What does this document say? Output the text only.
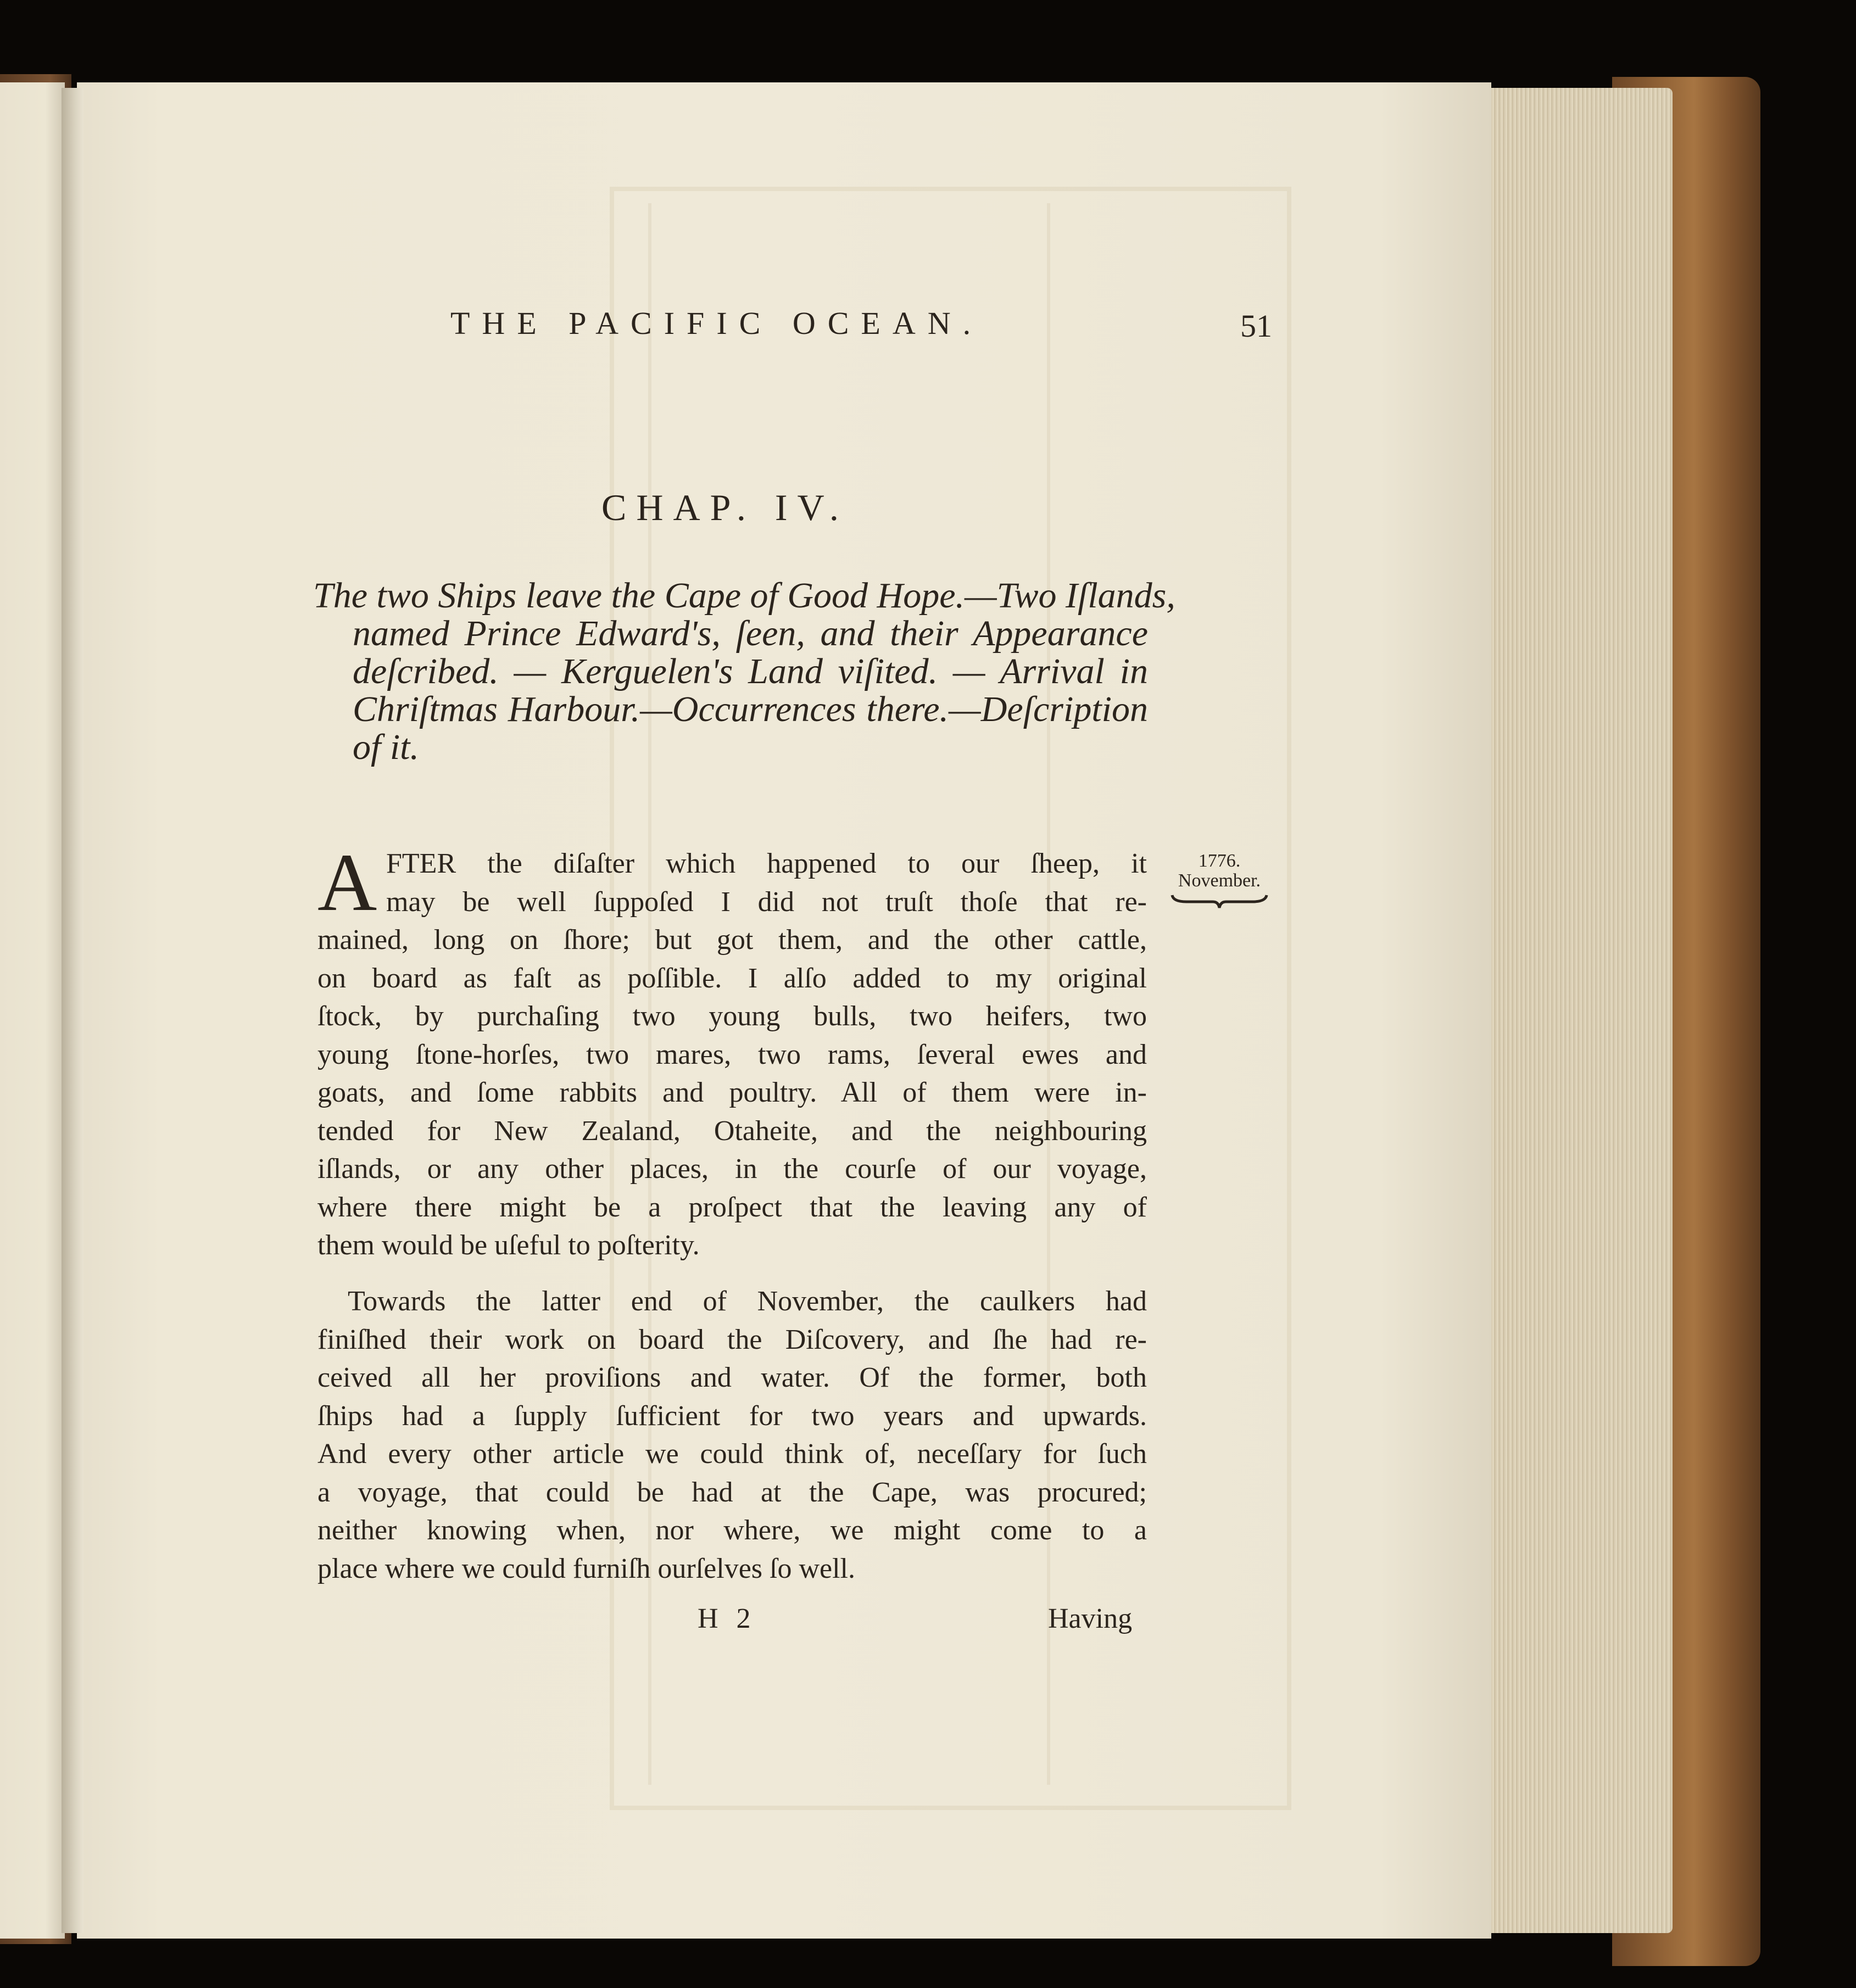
THE PACIFIC OCEAN.	51
CHAP. IV.
The two Ships leave the Cape of Good Hope.—Two Iſlands,
named Prince Edward's, ſeen, and their Appearance
deſcribed. — Kerguelen's Land viſited. — Arrival in
Chriſtmas Harbour.—Occurrences there.—Deſcription
of it.
1776.
November.
A FTER the diſaſter which happened to our ſheep, it
may be well ſuppoſed I did not truſt thoſe that re-
mained, long on ſhore; but got them, and the other cattle,
on board as faſt as poſſible. I alſo added to my original
ſtock, by purchaſing two young bulls, two heifers, two
young ſtone-horſes, two mares, two rams, ſeveral ewes and
goats, and ſome rabbits and poultry. All of them were in-
tended for New Zealand, Otaheite, and the neighbouring
iſlands, or any other places, in the courſe of our voyage,
where there might be a proſpect that the leaving any of
them would be uſeful to poſterity.
Towards the latter end of November, the caulkers had
finiſhed their work on board the Diſcovery, and ſhe had re-
ceived all her proviſions and water. Of the former, both
ſhips had a ſupply ſufficient for two years and upwards.
And every other article we could think of, neceſſary for ſuch
a voyage, that could be had at the Cape, was procured;
neither knowing when, nor where, we might come to a
place where we could furniſh ourſelves ſo well.
H 2	Having
